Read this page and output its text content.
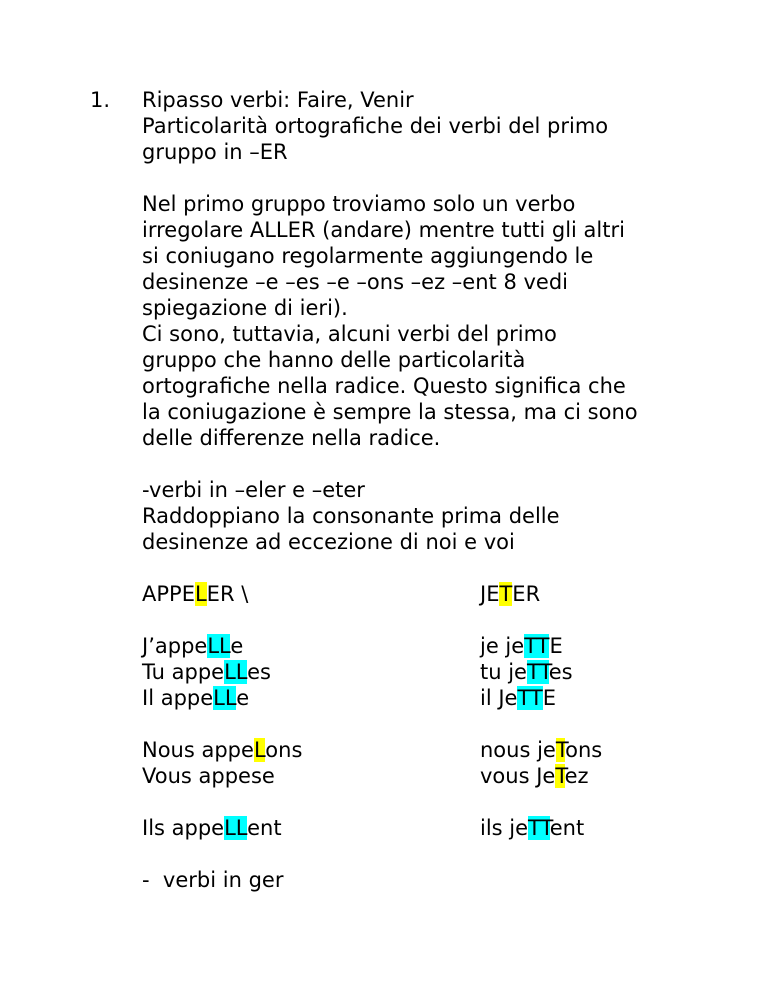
1. Ripasso verbi: Faire, Venir
Particolarità ortografiche dei verbi del primo
gruppo in –ER
Nel primo gruppo troviamo solo un verbo
irregolare ALLER (andare) mentre tutti gli altri
si coniugano regolarmente aggiungendo le
desinenze –e –es –e –ons –ez –ent 8 vedi
spiegazione di ieri).
Ci sono, tuttavia, alcuni verbi del primo
gruppo che hanno delle particolarità
ortografiche nella radice. Questo significa che
la coniugazione è sempre la stessa, ma ci sono
delle differenze nella radice.
-verbi in –eler e –eter
Raddoppiano la consonante prima delle
desinenze ad eccezione di noi e voi
APPELER \	JETER
J’appeLLe	je jeTTE
Tu appeLLes	tu jeTTes
Il appeLLe	il JeTTE
Nous appeLons	nous jeTons
Vous appese	vous JeTez
Ils appeLLent	ils jeTTent
-  verbi in ger
